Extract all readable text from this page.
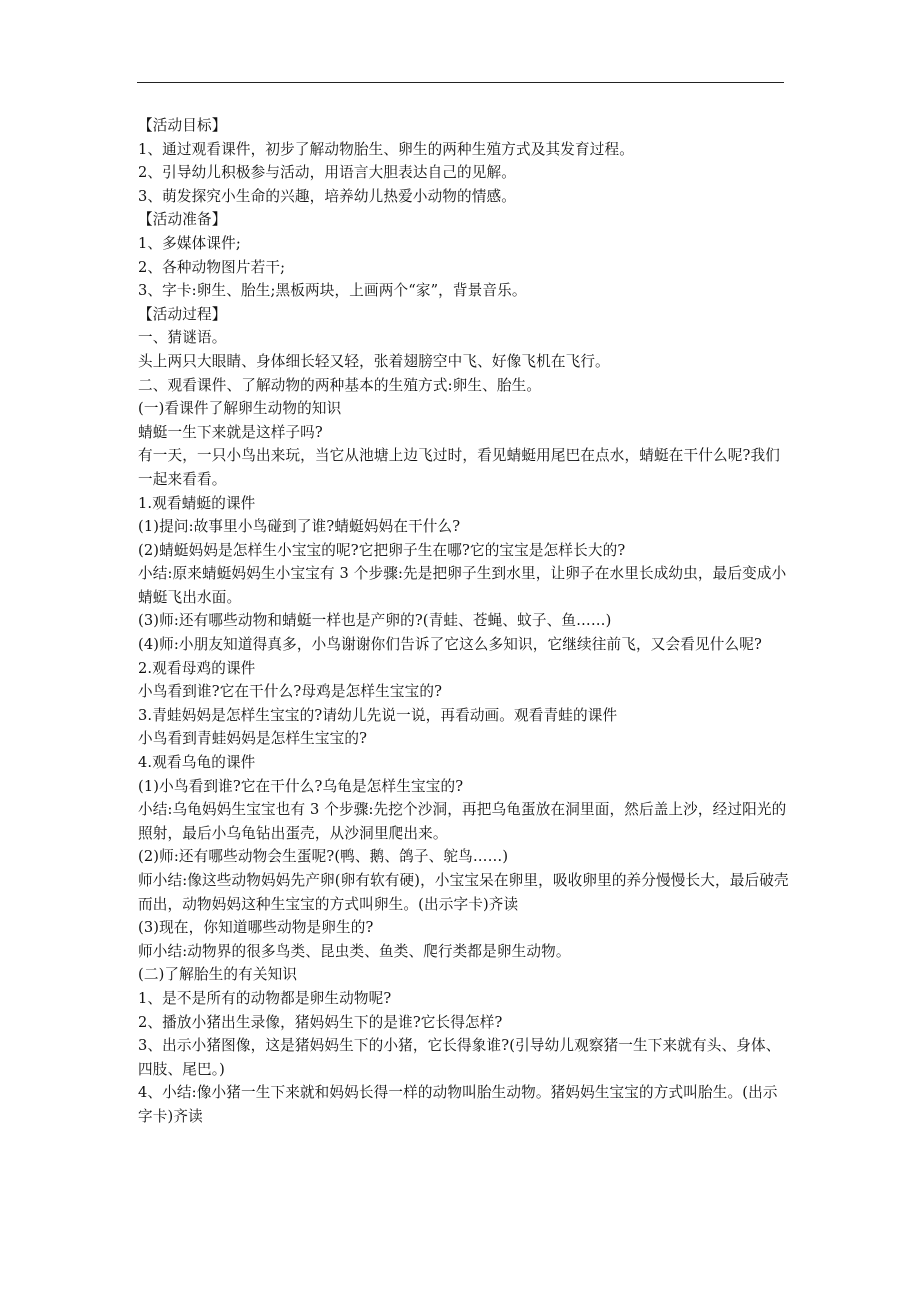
【活动目标】

1、通过观看课件，初步了解动物胎生、卵生的两种生殖方式及其发育过程。

2、引导幼儿积极参与活动，用语言大胆表达自己的见解。

3、萌发探究小生命的兴趣，培养幼儿热爱小动物的情感。

【活动准备】

1、多媒体课件;

2、各种动物图片若干;

3、字卡:卵生、胎生;黑板两块，上画两个“家”，背景音乐。

【活动过程】

一、猜谜语。

头上两只大眼睛、身体细长轻又轻，张着翅膀空中飞、好像飞机在飞行。

二、观看课件、了解动物的两种基本的生殖方式:卵生、胎生。

(一)看课件了解卵生动物的知识

蜻蜓一生下来就是这样子吗?

有一天，一只小鸟出来玩，当它从池塘上边飞过时，看见蜻蜓用尾巴在点水，蜻蜓在干什么呢?我们一起来看看。

1.观看蜻蜓的课件

(1)提问:故事里小鸟碰到了谁?蜻蜓妈妈在干什么?

(2)蜻蜓妈妈是怎样生小宝宝的呢?它把卵子生在哪?它的宝宝是怎样长大的?

小结:原来蜻蜓妈妈生小宝宝有 3 个步骤:先是把卵子生到水里，让卵子在水里长成幼虫，最后变成小蜻蜓飞出水面。

(3)师:还有哪些动物和蜻蜓一样也是产卵的?(青蛙、苍蝇、蚊子、鱼……)

(4)师:小朋友知道得真多，小鸟谢谢你们告诉了它这么多知识，它继续往前飞，又会看见什么呢?

2.观看母鸡的课件

小鸟看到谁?它在干什么?母鸡是怎样生宝宝的?

3.青蛙妈妈是怎样生宝宝的?请幼儿先说一说，再看动画。观看青蛙的课件

小鸟看到青蛙妈妈是怎样生宝宝的?

4.观看乌龟的课件

(1)小鸟看到谁?它在干什么?乌龟是怎样生宝宝的?

小结:乌龟妈妈生宝宝也有 3 个步骤:先挖个沙洞，再把乌龟蛋放在洞里面，然后盖上沙，经过阳光的照射，最后小乌龟钻出蛋壳，从沙洞里爬出来。

(2)师:还有哪些动物会生蛋呢?(鸭、鹅、鸽子、鸵鸟……)

师小结:像这些动物妈妈先产卵(卵有软有硬)，小宝宝呆在卵里，吸收卵里的养分慢慢长大，最后破壳而出，动物妈妈这种生宝宝的方式叫卵生。(出示字卡)齐读

(3)现在，你知道哪些动物是卵生的?

师小结:动物界的很多鸟类、昆虫类、鱼类、爬行类都是卵生动物。

(二)了解胎生的有关知识

1、是不是所有的动物都是卵生动物呢?

2、播放小猪出生录像，猪妈妈生下的是谁?它长得怎样?

3、出示小猪图像，这是猪妈妈生下的小猪，它长得象谁?(引导幼儿观察猪一生下来就有头、身体、四肢、尾巴。)

4、小结:像小猪一生下来就和妈妈长得一样的动物叫胎生动物。猪妈妈生宝宝的方式叫胎生。(出示字卡)齐读
